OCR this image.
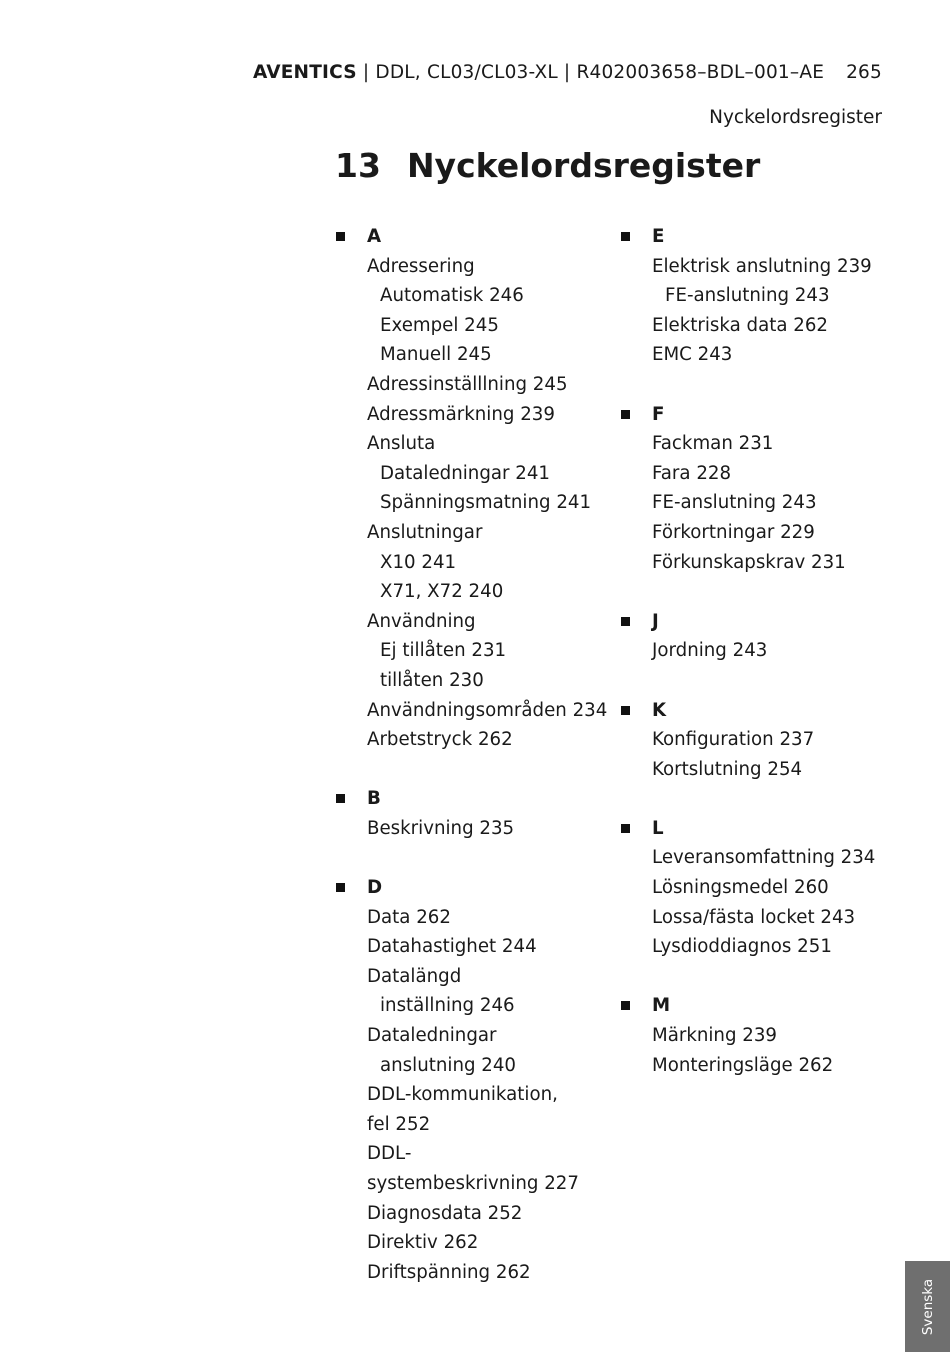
AVENTICS | DDL, CL03/CL03-XL | R402003658–BDL–001–AE 265
Nyckelordsregister
13 Nyckelordsregister
A
Adressering
Automatisk 246
Exempel 245
Manuell 245
Adressinställlning 245
Adressmärkning 239
Ansluta
Dataledningar 241
Spänningsmatning 241
Anslutningar
X10 241
X71, X72 240
Användning
Ej tillåten 231
tillåten 230
Användningsområden 234
Arbetstryck 262
B
Beskrivning 235
D
Data 262
Datahastighet 244
Datalängd
inställning 246
Dataledningar
anslutning 240
DDL-kommunikation,
fel 252
DDL-
systembeskrivning 227
Diagnosdata 252
Direktiv 262
Driftspänning 262
E
Elektrisk anslutning 239
FE-anslutning 243
Elektriska data 262
EMC 243
F
Fackman 231
Fara 228
FE-anslutning 243
Förkortningar 229
Förkunskapskrav 231
J
Jordning 243
K
Konfiguration 237
Kortslutning 254
L
Leveransomfattning 234
Lösningsmedel 260
Lossa/fästa locket 243
Lysdioddiagnos 251
M
Märkning 239
Monteringsläge 262
Svenska
